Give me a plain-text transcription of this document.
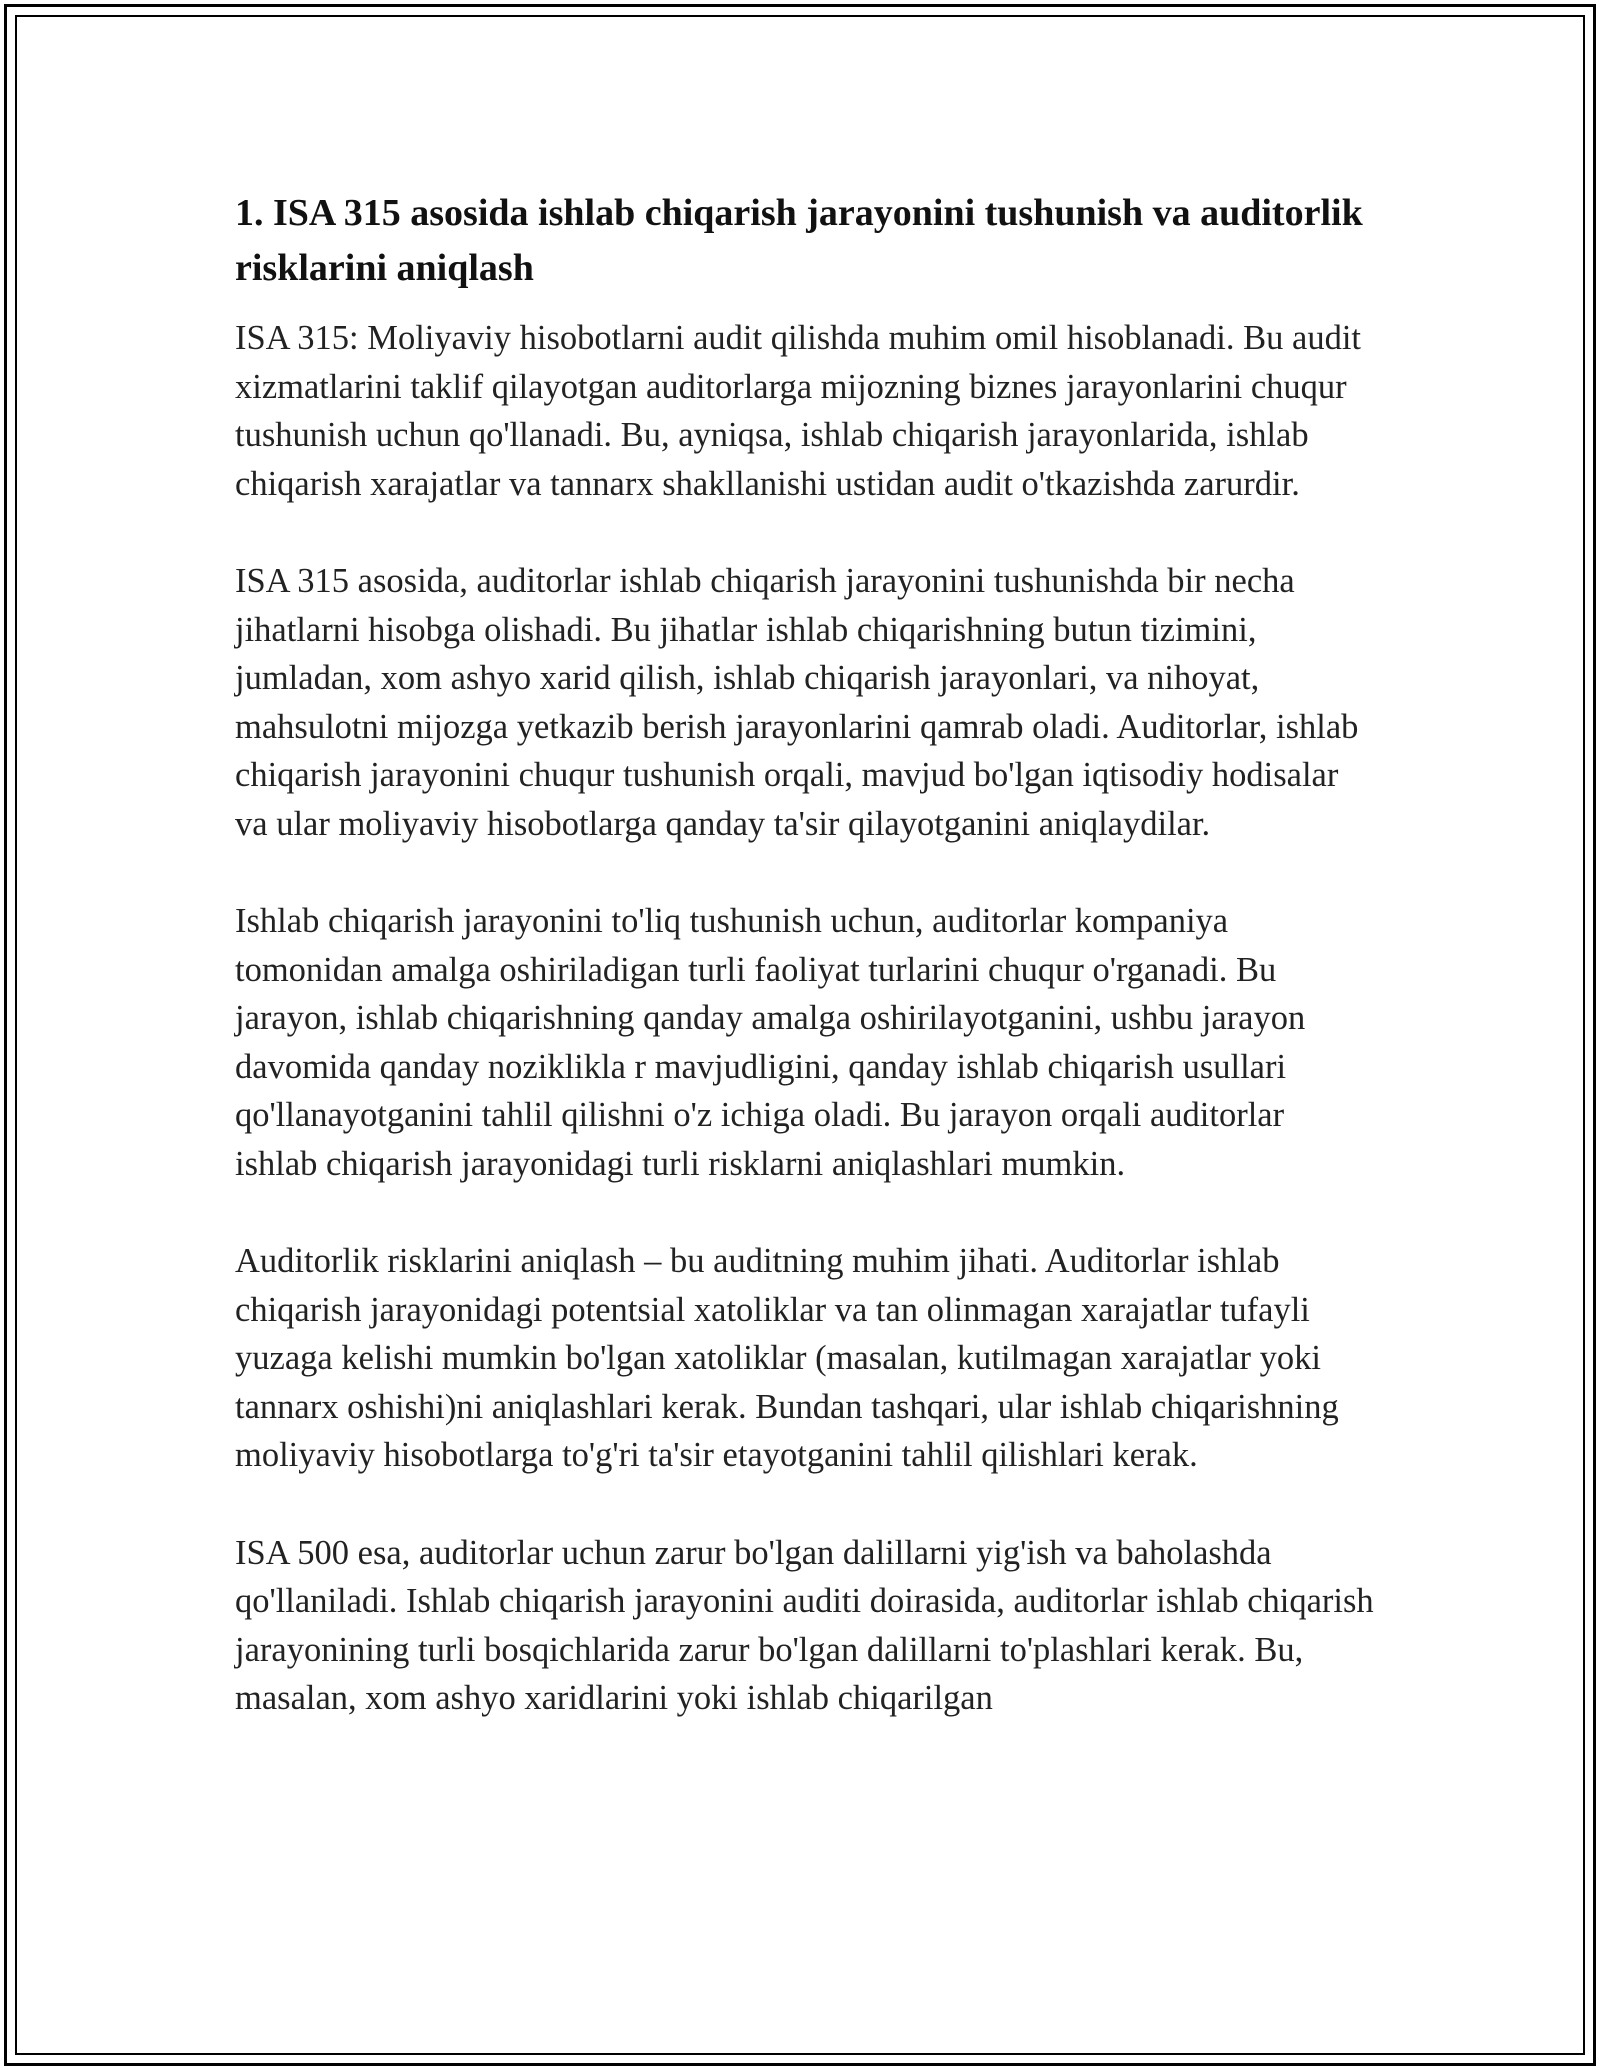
1. ISA 315 asosida ishlab chiqarish jarayonini tushunish va auditorlik risklarini aniqlash

ISA 315: Moliyaviy hisobotlarni audit qilishda muhim omil hisoblanadi. Bu audit xizmatlarini taklif qilayotgan auditorlarga mijozning biznes jarayonlarini chuqur tushunish uchun qo'llanadi. Bu, ayniqsa, ishlab chiqarish jarayonlarida, ishlab chiqarish xarajatlar va tannarx shakllanishi ustidan audit o'tkazishda zarurdir.

ISA 315 asosida, auditorlar ishlab chiqarish jarayonini tushunishda bir necha jihatlarni hisobga olishadi. Bu jihatlar ishlab chiqarishning butun tizimini, jumladan, xom ashyo xarid qilish, ishlab chiqarish jarayonlari, va nihoyat, mahsulotni mijozga yetkazib berish jarayonlarini qamrab oladi. Auditorlar, ishlab chiqarish jarayonini chuqur tushunish orqali, mavjud bo'lgan iqtisodiy hodisalar va ular moliyaviy hisobotlarga qanday ta'sir qilayotganini aniqlaydilar.

Ishlab chiqarish jarayonini to'liq tushunish uchun, auditorlar kompaniya tomonidan amalga oshiriladigan turli faoliyat turlarini chuqur o'rganadi. Bu jarayon, ishlab chiqarishning qanday amalga oshirilayotganini, ushbu jarayon davomida qanday noziklikla r mavjudligini, qanday ishlab chiqarish usullari qo'llanayotganini tahlil qilishni o'z ichiga oladi. Bu jarayon orqali auditorlar ishlab chiqarish jarayonidagi turli risklarni aniqlashlari mumkin.

Auditorlik risklarini aniqlash – bu auditning muhim jihati. Auditorlar ishlab chiqarish jarayonidagi potentsial xatoliklar va tan olinmagan xarajatlar tufayli yuzaga kelishi mumkin bo'lgan xatoliklar (masalan, kutilmagan xarajatlar yoki tannarx oshishi)ni aniqlashlari kerak. Bundan tashqari, ular ishlab chiqarishning moliyaviy hisobotlarga to'g'ri ta'sir etayotganini tahlil qilishlari kerak.

ISA 500 esa, auditorlar uchun zarur bo'lgan dalillarni yig'ish va baholashda qo'llaniladi. Ishlab chiqarish jarayonini auditi doirasida, auditorlar ishlab chiqarish jarayonining turli bosqichlarida zarur bo'lgan dalillarni to'plashlari kerak. Bu, masalan, xom ashyo xaridlarini yoki ishlab chiqarilgan
